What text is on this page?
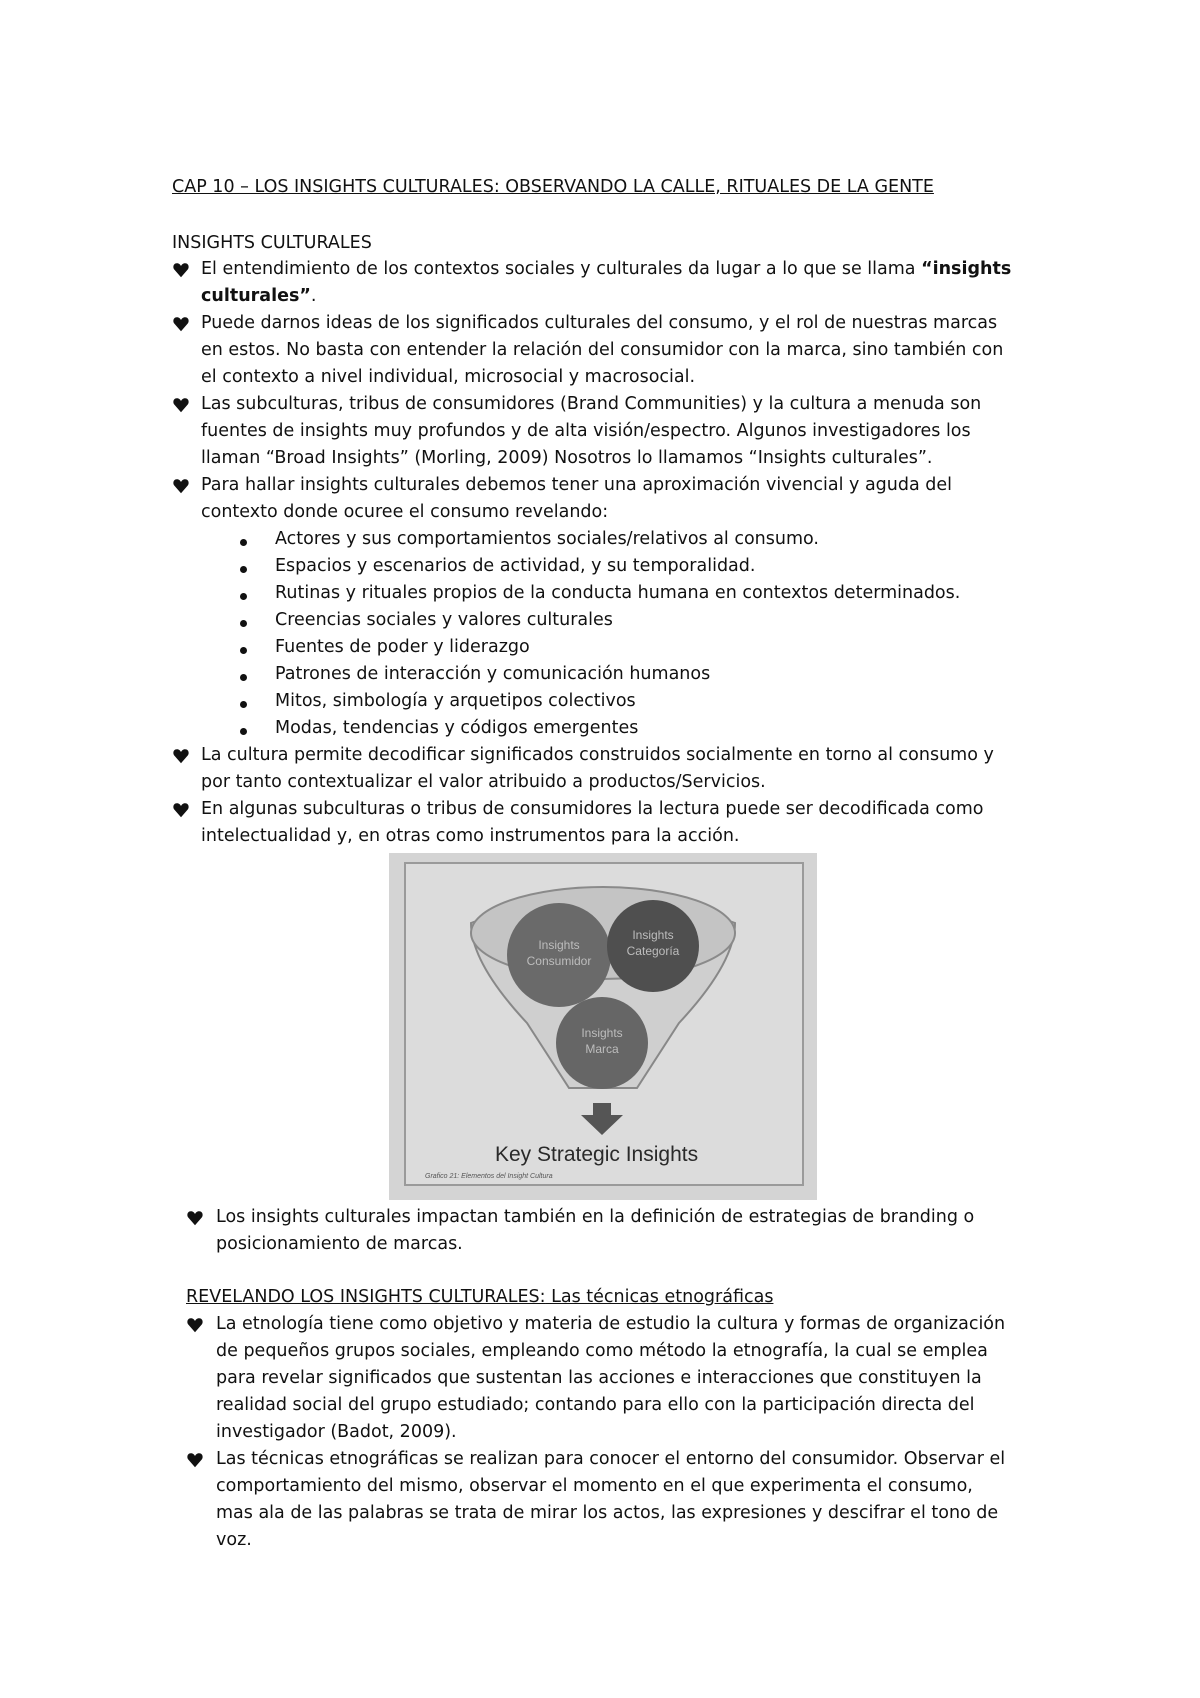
CAP 10 – LOS INSIGHTS CULTURALES: OBSERVANDO LA CALLE, RITUALES DE LA GENTE
INSIGHTS CULTURALES
El entendimiento de los contextos sociales y culturales da lugar a lo que se llama “insights
culturales”.
Puede darnos ideas de los significados culturales del consumo, y el rol de nuestras marcas
en estos. No basta con entender la relación del consumidor con la marca, sino también con
el contexto a nivel individual, microsocial y macrosocial.
Las subculturas, tribus de consumidores (Brand Communities) y la cultura a menuda son
fuentes de insights muy profundos y de alta visión/espectro. Algunos investigadores los
llaman “Broad Insights” (Morling, 2009) Nosotros lo llamamos “Insights culturales”.
Para hallar insights culturales debemos tener una aproximación vivencial y aguda del
contexto donde ocuree el consumo revelando:
Actores y sus comportamientos sociales/relativos al consumo.
Espacios y escenarios de actividad, y su temporalidad.
Rutinas y rituales propios de la conducta humana en contextos determinados.
Creencias sociales y valores culturales
Fuentes de poder y liderazgo
Patrones de interacción y comunicación humanos
Mitos, simbología y arquetipos colectivos
Modas, tendencias y códigos emergentes
La cultura permite decodificar significados construidos socialmente en torno al consumo y
por tanto contextualizar el valor atribuido a productos/Servicios.
En algunas subculturas o tribus de consumidores la lectura puede ser decodificada como
intelectualidad y, en otras como instrumentos para la acción.
Insights
Consumidor
Insights
Categoría
Insights
Marca
Key Strategic Insights
Grafico 21: Elementos del Insight Cultura
Los insights culturales impactan también en la definición de estrategias de branding o
posicionamiento de marcas.
REVELANDO LOS INSIGHTS CULTURALES: Las técnicas etnográficas
La etnología tiene como objetivo y materia de estudio la cultura y formas de organización
de pequeños grupos sociales, empleando como método la etnografía, la cual se emplea
para revelar significados que sustentan las acciones e interacciones que constituyen la
realidad social del grupo estudiado; contando para ello con la participación directa del
investigador (Badot, 2009).
Las técnicas etnográficas se realizan para conocer el entorno del consumidor. Observar el
comportamiento del mismo, observar el momento en el que experimenta el consumo,
mas ala de las palabras se trata de mirar los actos, las expresiones y descifrar el tono de
voz.
